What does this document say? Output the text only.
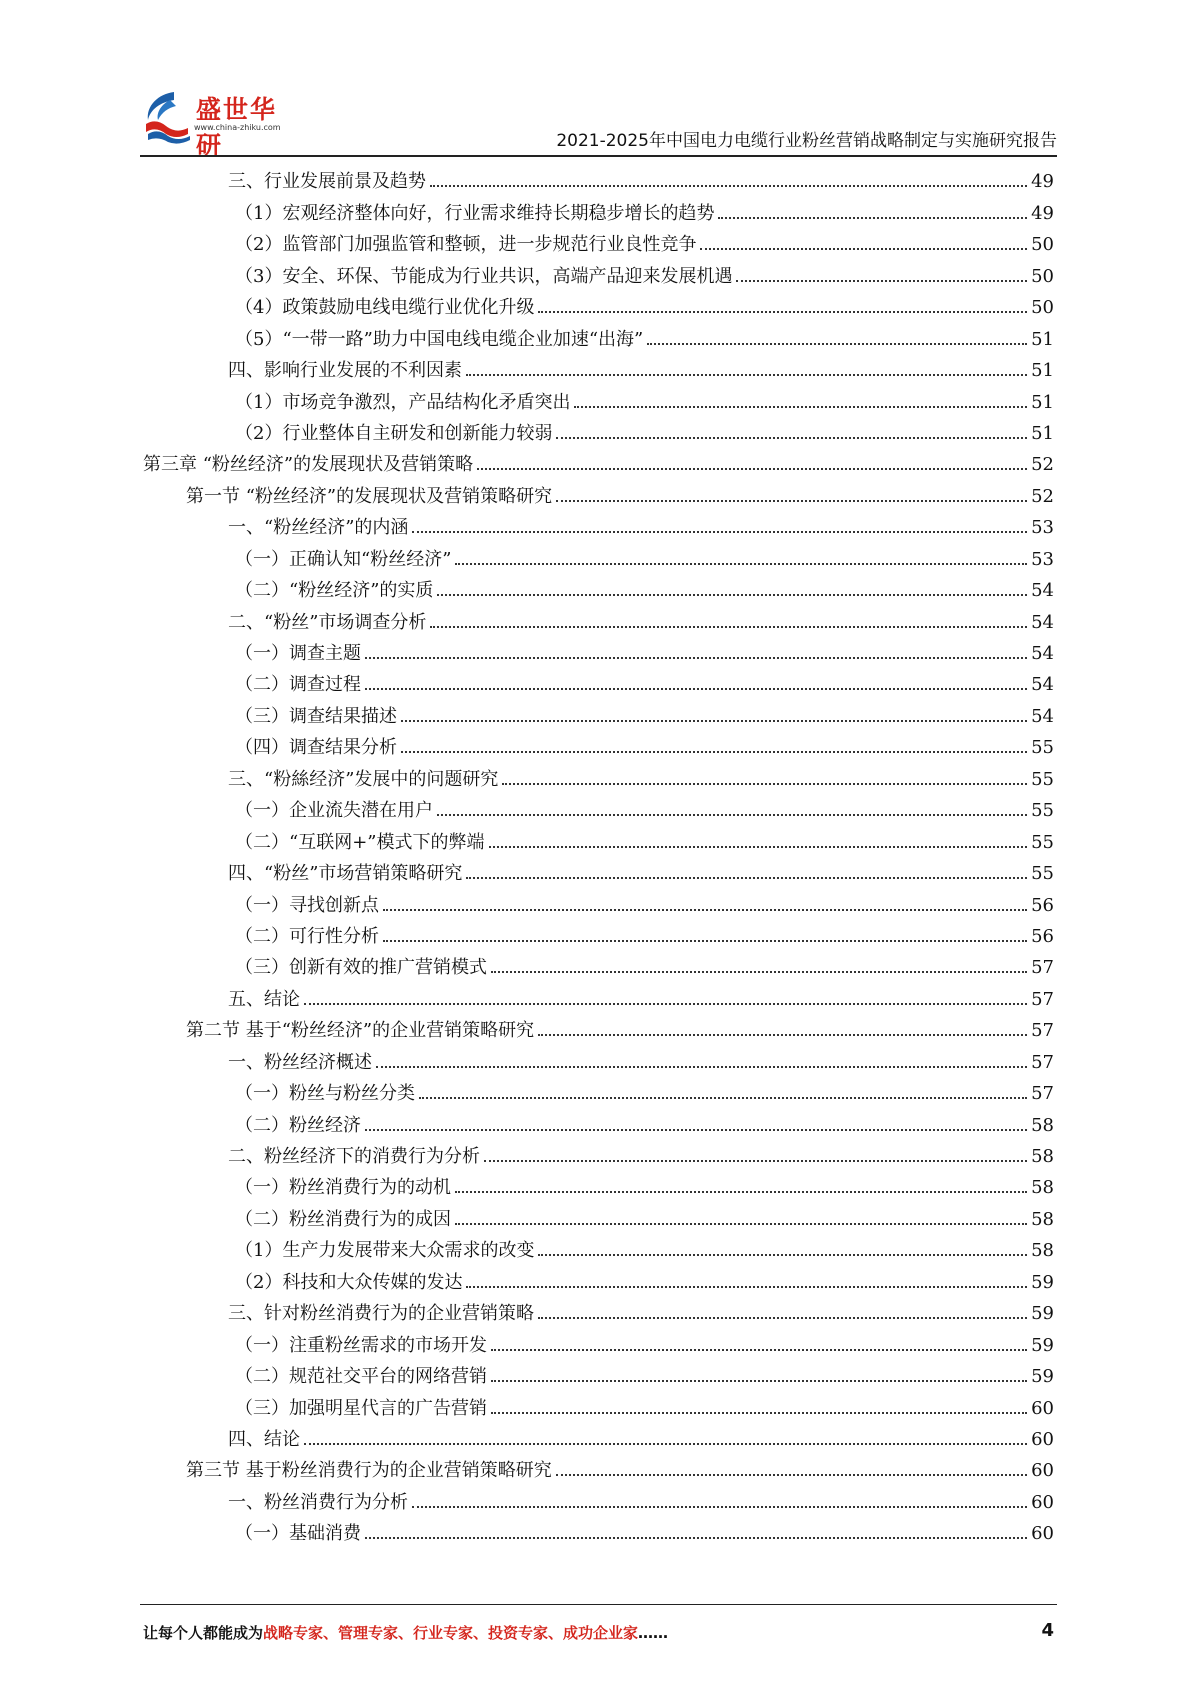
盛世华研
www.china-zhiku.com
2021-2025年中国电力电缆行业粉丝营销战略制定与实施研究报告
三、行业发展前景及趋势	49
（1）宏观经济整体向好，行业需求维持长期稳步增长的趋势	49
（2）监管部门加强监管和整顿，进一步规范行业良性竞争	50
（3）安全、环保、节能成为行业共识，高端产品迎来发展机遇	50
（4）政策鼓励电线电缆行业优化升级	50
（5）“一带一路”助力中国电线电缆企业加速“出海”	51
四、影响行业发展的不利因素	51
（1）市场竞争激烈，产品结构化矛盾突出	51
（2）行业整体自主研发和创新能力较弱	51
第三章 “粉丝经济”的发展现状及营销策略	52
第一节 “粉丝经济”的发展现状及营销策略研究	52
一、“粉丝经济”的内涵	53
（一）正确认知“粉丝经济”	53
（二）“粉丝经济”的实质	54
二、“粉丝”市场调查分析	54
（一）调查主题	54
（二）调查过程	54
（三）调查结果描述	54
（四）调查结果分析	55
三、“粉絲经济”发展中的问题研究	55
（一）企业流失潜在用户	55
（二）“互联网+”模式下的弊端	55
四、“粉丝”市场营销策略研究	55
（一）寻找创新点	56
（二）可行性分析	56
（三）创新有效的推广营销模式	57
五、结论	57
第二节 基于“粉丝经济”的企业营销策略研究	57
一、粉丝经济概述	57
（一）粉丝与粉丝分类	57
（二）粉丝经济	58
二、粉丝经济下的消费行为分析	58
（一）粉丝消费行为的动机	58
（二）粉丝消费行为的成因	58
（1）生产力发展带来大众需求的改变	58
（2）科技和大众传媒的发达	59
三、针对粉丝消费行为的企业营销策略	59
（一）注重粉丝需求的市场开发	59
（二）规范社交平台的网络营销	59
（三）加强明星代言的广告营销	60
四、结论	60
第三节 基于粉丝消费行为的企业营销策略研究	60
一、粉丝消费行为分析	60
（一）基础消费	60
让每个人都能成为战略专家、管理专家、行业专家、投资专家、成功企业家……	4
